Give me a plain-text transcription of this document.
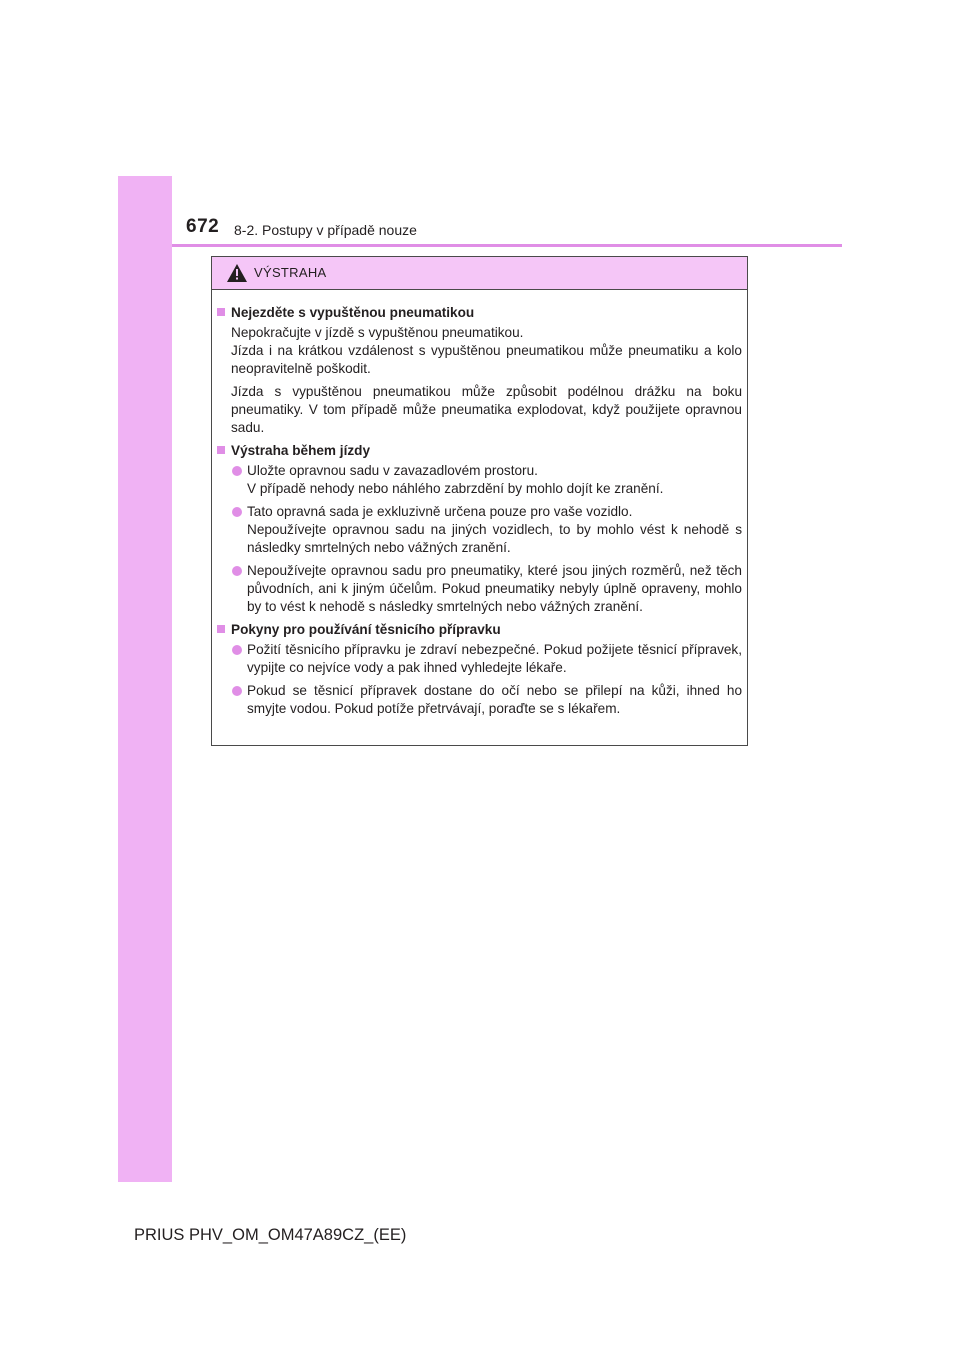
672 8-2. Postupy v případě nouze
VÝSTRAHA
Nejezděte s vypuštěnou pneumatikou
Nepokračujte v jízdě s vypuštěnou pneumatikou.
Jízda i na krátkou vzdálenost s vypuštěnou pneumatikou může pneumatiku a kolo neopravitelně poškodit.
Jízda s vypuštěnou pneumatikou může způsobit podélnou drážku na boku pneumatiky. V tom případě může pneumatika explodovat, když použijete opravnou sadu.
Výstraha během jízdy
Uložte opravnou sadu v zavazadlovém prostoru.
V případě nehody nebo náhlého zabrzdění by mohlo dojít ke zranění.
Tato opravná sada je exkluzivně určena pouze pro vaše vozidlo.
Nepoužívejte opravnou sadu na jiných vozidlech, to by mohlo vést k nehodě s následky smrtelných nebo vážných zranění.
Nepoužívejte opravnou sadu pro pneumatiky, které jsou jiných rozměrů, než těch původních, ani k jiným účelům. Pokud pneumatiky nebyly úplně opraveny, mohlo by to vést k nehodě s následky smrtelných nebo vážných zranění.
Pokyny pro používání těsnicího přípravku
Požití těsnicího přípravku je zdraví nebezpečné. Pokud požijete těsnicí přípravek, vypijte co nejvíce vody a pak ihned vyhledejte lékaře.
Pokud se těsnicí přípravek dostane do očí nebo se přilepí na kůži, ihned ho smyjte vodou. Pokud potíže přetrvávají, poraďte se s lékařem.
PRIUS PHV_OM_OM47A89CZ_(EE)
